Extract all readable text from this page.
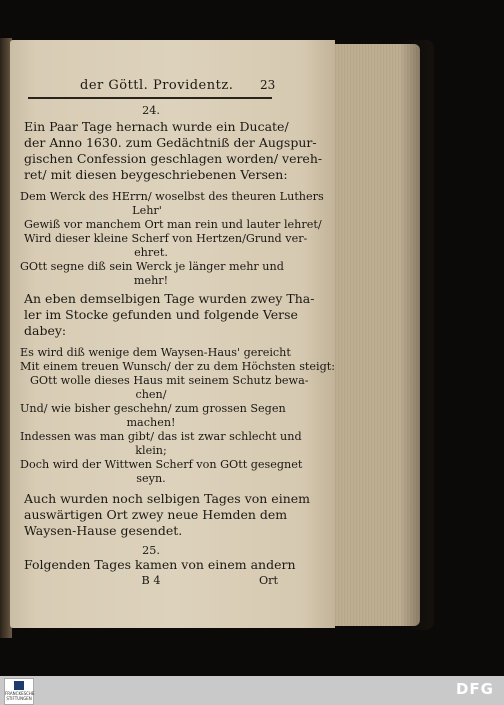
der Göttl. Providentz. 23
24.
Ein Paar Tage hernach wurde ein Ducate/
der Anno 1630. zum Gedächtniß der Augspur-
gischen Confession geschlagen worden/ vereh-
ret/ mit diesen beygeschriebenen Versen:
Dem Werck des HErrn/ woselbst des theuren Luthers
Lehr'
Gewiß vor manchem Ort man rein und lauter lehret/
Wird dieser kleine Scherf von Hertzen/Grund ver-
ehret.
GOtt segne diß sein Werck je länger mehr und
mehr!
An eben demselbigen Tage wurden zwey Tha-
ler im Stocke gefunden und folgende Verse
dabey:
Es wird diß wenige dem Waysen-Haus' gereicht
Mit einem treuen Wunsch/ der zu dem Höchsten steigt:
GOtt wolle dieses Haus mit seinem Schutz bewa-
chen/
Und/ wie bisher geschehn/ zum grossen Segen
machen!
Indessen was man gibt/ das ist zwar schlecht und
klein;
Doch wird der Wittwen Scherf von GOtt gesegnet
seyn.
Auch wurden noch selbigen Tages von einem
auswärtigen Ort zwey neue Hemden dem
Waysen-Hause gesendet.
25.
Folgenden Tages kamen von einem andern
B 4	Ort
FRANCKESCHE STIFTUNGEN
DFG
